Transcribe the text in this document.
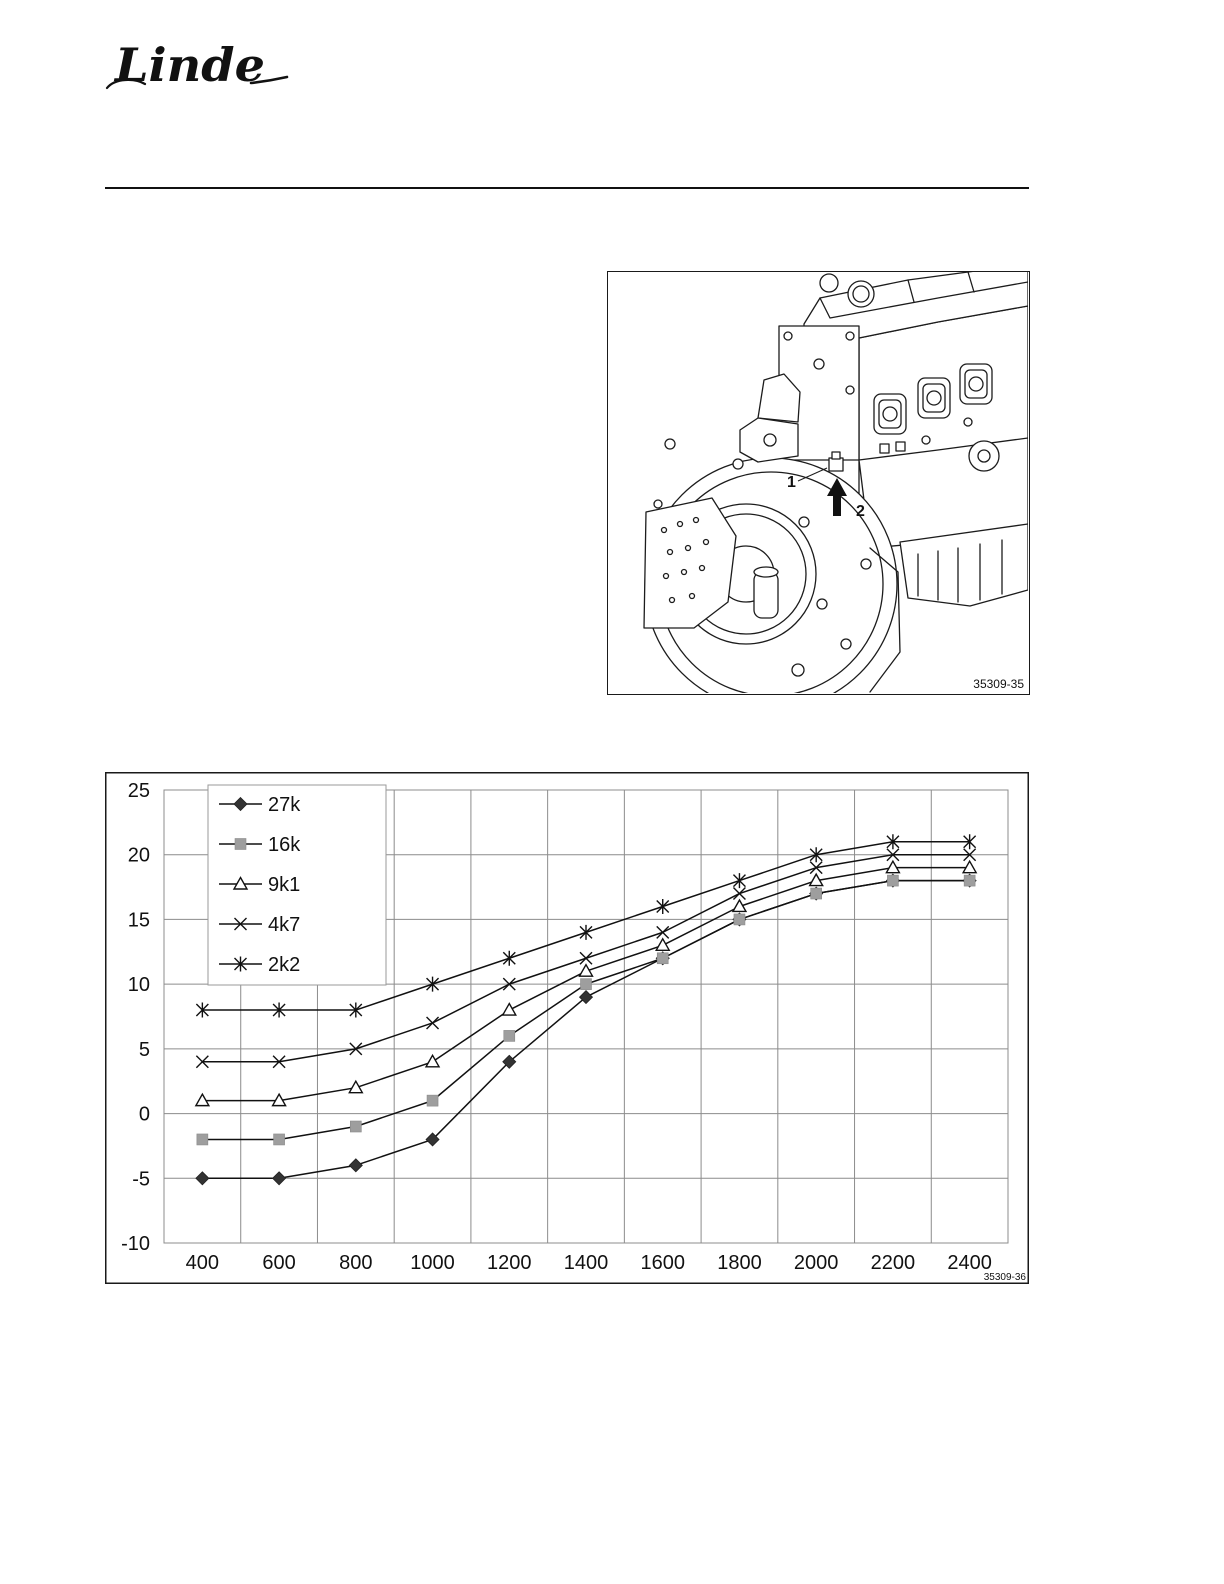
Linde
1
2
35309-35
27k
16k
9k1
4k7
2k2
-10
-5
0
5
10
15
20
25
400 600 800 1000 1200 1400 1600 1800 2000 2200 2400
35309-36
